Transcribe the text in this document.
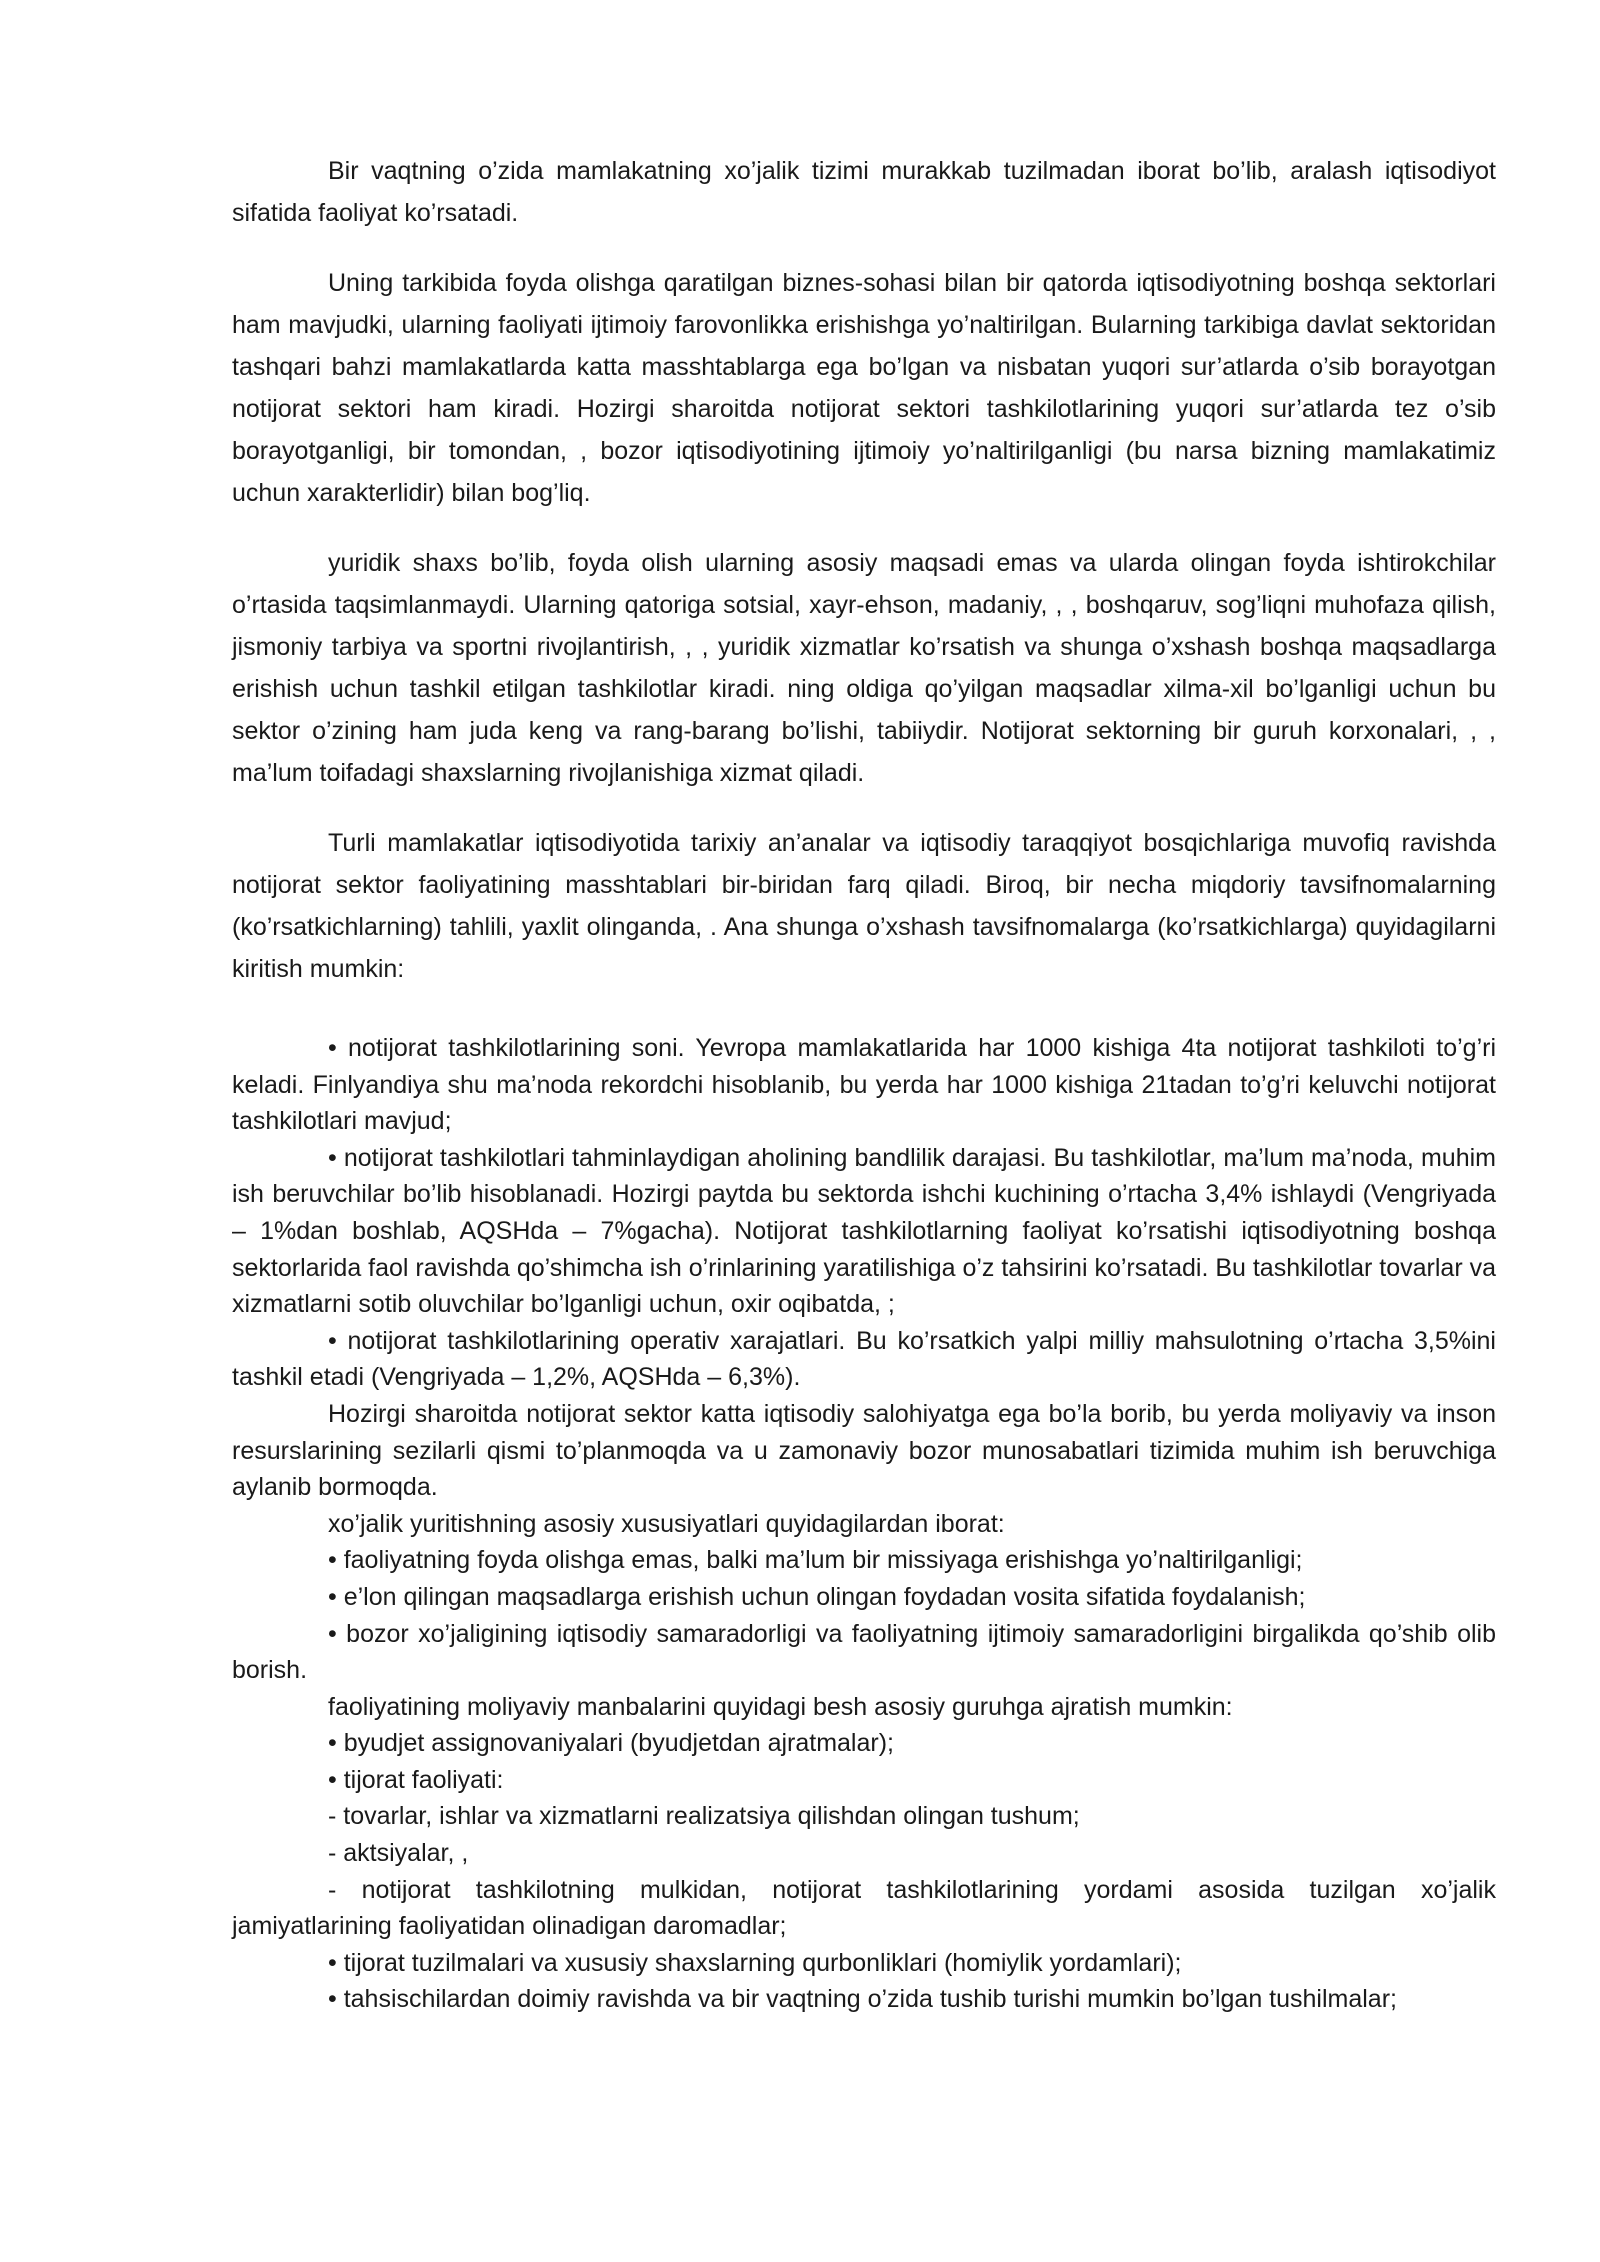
Bir vaqtning o’zida mamlakatning xo’jalik tizimi murakkab tuzilmadan iborat bo’lib, aralash iqtisodiyot sifatida faoliyat ko’rsatadi.

Uning tarkibida foyda olishga qaratilgan biznes-sohasi bilan bir qatorda iqtisodiyotning boshqa sektorlari ham mavjudki, ularning faoliyati ijtimoiy farovonlikka erishishga yo’naltirilgan. Bularning tarkibiga davlat sektoridan tashqari bahzi mamlakatlarda katta masshtablarga ega bo’lgan va nisbatan yuqori sur’atlarda o’sib borayotgan notijorat sektori ham kiradi. Hozirgi sharoitda notijorat sektori tashkilotlarining yuqori sur’atlarda tez o’sib borayotganligi, bir tomondan, , bozor iqtisodiyotining ijtimoiy yo’naltirilganligi (bu narsa bizning mamlakatimiz uchun xarakterlidir) bilan bog’liq.

yuridik shaxs bo’lib, foyda olish ularning asosiy maqsadi emas va ularda olingan foyda ishtirokchilar o’rtasida taqsimlanmaydi. Ularning qatoriga sotsial, xayr-ehson, madaniy, , , boshqaruv, sog’liqni muhofaza qilish, jismoniy tarbiya va sportni rivojlantirish, , , yuridik xizmatlar ko’rsatish va shunga o’xshash boshqa maqsadlarga erishish uchun tashkil etilgan tashkilotlar kiradi. ning oldiga qo’yilgan maqsadlar xilma-xil bo’lganligi uchun bu sektor o’zining ham juda keng va rang-barang bo’lishi, tabiiydir. Notijorat sektorning bir guruh korxonalari, , , ma’lum toifadagi shaxslarning rivojlanishiga xizmat qiladi.

Turli mamlakatlar iqtisodiyotida tarixiy an’analar va iqtisodiy taraqqiyot bosqichlariga muvofiq ravishda notijorat sektor faoliyatining masshtablari bir-biridan farq qiladi. Biroq, bir necha miqdoriy tavsifnomalarning (ko’rsatkichlarning) tahlili, yaxlit olinganda, . Ana shunga o’xshash tavsifnomalarga (ko’rsatkichlarga) quyidagilarni kiritish mumkin:

• notijorat tashkilotlarining soni. Yevropa mamlakatlarida har 1000 kishiga 4ta notijorat tashkiloti to’g’ri keladi. Finlyandiya shu ma’noda rekordchi hisoblanib, bu yerda har 1000 kishiga 21tadan to’g’ri keluvchi notijorat tashkilotlari mavjud;

• notijorat tashkilotlari tahminlaydigan aholining bandlilik darajasi. Bu tashkilotlar, ma’lum ma’noda, muhim ish beruvchilar bo’lib hisoblanadi. Hozirgi paytda bu sektorda ishchi kuchining o’rtacha 3,4% ishlaydi (Vengriyada – 1%dan boshlab, AQSHda – 7%gacha). Notijorat tashkilotlarning faoliyat ko’rsatishi iqtisodiyotning boshqa sektorlarida faol ravishda qo’shimcha ish o’rinlarining yaratilishiga o’z tahsirini ko’rsatadi. Bu tashkilotlar tovarlar va xizmatlarni sotib oluvchilar bo’lganligi uchun, oxir oqibatda, ;

• notijorat tashkilotlarining operativ xarajatlari. Bu ko’rsatkich yalpi milliy mahsulotning o’rtacha 3,5%ini tashkil etadi (Vengriyada – 1,2%, AQSHda – 6,3%).

Hozirgi sharoitda notijorat sektor katta iqtisodiy salohiyatga ega bo’la borib, bu yerda moliyaviy va inson resurslarining sezilarli qismi to’planmoqda va u zamonaviy bozor munosabatlari tizimida muhim ish beruvchiga aylanib bormoqda.

xo’jalik yuritishning asosiy xususiyatlari quyidagilardan iborat:

• faoliyatning foyda olishga emas, balki ma’lum bir missiyaga erishishga yo’naltirilganligi;

• e’lon qilingan maqsadlarga erishish uchun olingan foydadan vosita sifatida foydalanish;

• bozor xo’jaligining iqtisodiy samaradorligi va faoliyatning ijtimoiy samaradorligini birgalikda qo’shib olib borish.

faoliyatining moliyaviy manbalarini quyidagi besh asosiy guruhga ajratish mumkin:

• byudjet assignovaniyalari (byudjetdan ajratmalar);

• tijorat faoliyati:

- tovarlar, ishlar va xizmatlarni realizatsiya qilishdan olingan tushum;

- aktsiyalar, ,

- notijorat tashkilotning mulkidan, notijorat tashkilotlarining yordami asosida tuzilgan xo’jalik jamiyatlarining faoliyatidan olinadigan daromadlar;

• tijorat tuzilmalari va xususiy shaxslarning qurbonliklari (homiylik yordamlari);

• tahsischilardan doimiy ravishda va bir vaqtning o’zida tushib turishi mumkin bo’lgan tushilmalar;
